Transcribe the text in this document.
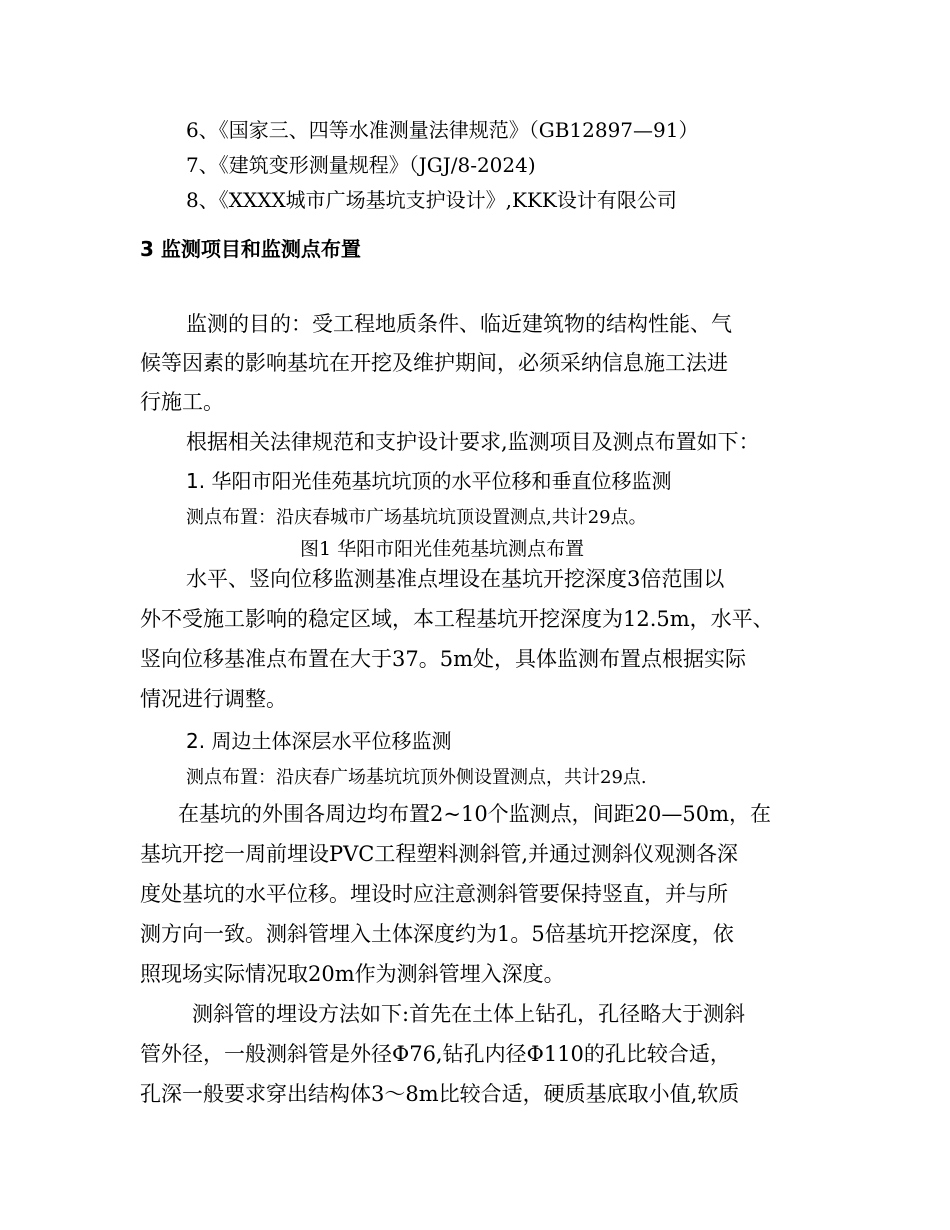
6、《国家三、四等水准测量法律规范》（GB12897—91）
7、《建筑变形测量规程》（JGJ/8-2024)
8、《XXXX城市广场基坑支护设计》,KKK设计有限公司
3 监测项目和监测点布置
监测的目的：受工程地质条件、临近建筑物的结构性能、气
候等因素的影响基坑在开挖及维护期间，必须采纳信息施工法进
行施工。
根据相关法律规范和支护设计要求,监测项目及测点布置如下：
1. 华阳市阳光佳苑基坑坑顶的水平位移和垂直位移监测
测点布置：沿庆春城市广场基坑坑顶设置测点,共计29点。
图1 华阳市阳光佳苑基坑测点布置
水平、竖向位移监测基准点埋设在基坑开挖深度3倍范围以
外不受施工影响的稳定区域，本工程基坑开挖深度为12.5m，水平、
竖向位移基准点布置在大于37。5m处，具体监测布置点根据实际
情况进行调整。
2. 周边土体深层水平位移监测
测点布置：沿庆春广场基坑坑顶外侧设置测点，共计29点.
在基坑的外围各周边均布置2~10个监测点，间距20—50m，在
基坑开挖一周前埋设PVC工程塑料测斜管,并通过测斜仪观测各深
度处基坑的水平位移。埋设时应注意测斜管要保持竖直，并与所
测方向一致。测斜管埋入土体深度约为1。5倍基坑开挖深度，依
照现场实际情况取20m作为测斜管埋入深度。
测斜管的埋设方法如下:首先在土体上钻孔，孔径略大于测斜
管外径，一般测斜管是外径Φ76,钻孔内径Φ110的孔比较合适，
孔深一般要求穿出结构体3～8m比较合适，硬质基底取小值,软质
